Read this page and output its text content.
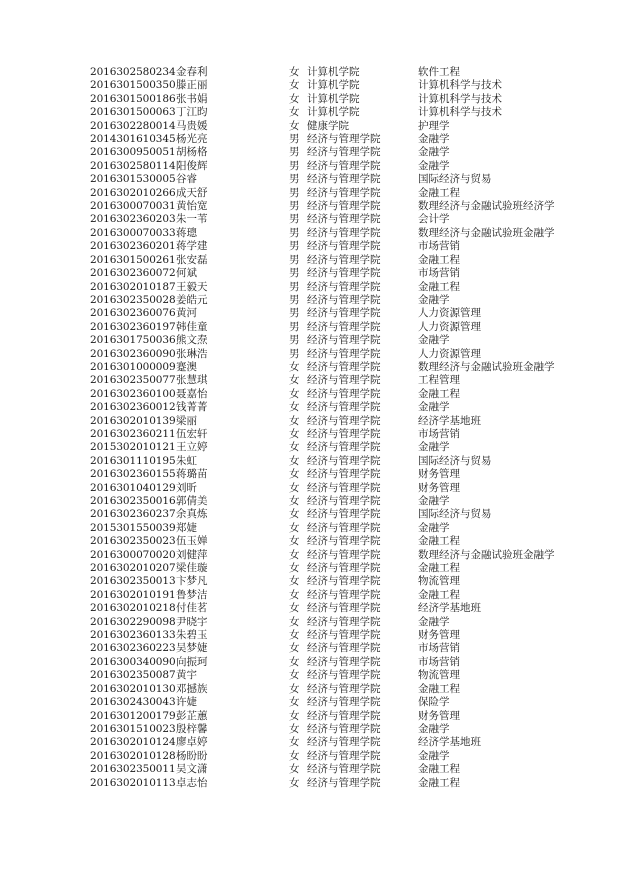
2016302580234 金春利	女 计算机学院	软件工程
2016301500350 滕正丽	女 计算机学院	计算机科学与技术
2016301500186 张书娟	女 计算机学院	计算机科学与技术
2016301500063 丁江昀	女 计算机学院	计算机科学与技术
2016302280014 马贵媛	女 健康学院	护理学
2014301610345 杨光亮	男 经济与管理学院	金融学
2016300950051 胡杨格	男 经济与管理学院	金融学
2016302580114 阳俊辉	男 经济与管理学院	金融学
2016301530005 谷睿	男 经济与管理学院	国际经济与贸易
2016302010266 成天舒	男 经济与管理学院	金融工程
2016300070031 黄怡宽	男 经济与管理学院	数理经济与金融试验班经济学
2016302360203 朱一苇	男 经济与管理学院	会计学
2016300070033 蒋璁	男 经济与管理学院	数理经济与金融试验班金融学
2016302360201 蒋学建	男 经济与管理学院	市场营销
2016301500261 张安磊	男 经济与管理学院	金融工程
2016302360072 何斌	男 经济与管理学院	市场营销
2016302010187 王毅天	男 经济与管理学院	金融工程
2016302350028 姜皓元	男 经济与管理学院	金融学
2016302360076 黄河	男 经济与管理学院	人力资源管理
2016302360197 韩佳童	男 经济与管理学院	人力资源管理
2016301750036 熊文焘	男 经济与管理学院	金融学
2016302360090 张琳浩	男 经济与管理学院	人力资源管理
2016301000009 蹇澳	女 经济与管理学院	数理经济与金融试验班金融学
2016302350077 张慧琪	女 经济与管理学院	工程管理
2016302360100 聂嘉怡	女 经济与管理学院	金融工程
2016302360012 钱菁菁	女 经济与管理学院	金融学
2016302010139 梁丽	女 经济与管理学院	经济学基地班
2016302360211 伍宏轩	女 经济与管理学院	市场营销
2015302010121 王立婷	女 经济与管理学院	金融学
2016301110195 朱虹	女 经济与管理学院	国际经济与贸易
2016302360155 蒋璐苗	女 经济与管理学院	财务管理
2016301040129 刘昕	女 经济与管理学院	财务管理
2016302350016 郭倩美	女 经济与管理学院	金融学
2016302360237 余真炼	女 经济与管理学院	国际经济与贸易
2015301550039 郑婕	女 经济与管理学院	金融学
2016302350023 伍玉婵	女 经济与管理学院	金融工程
2016300070020 刘健萍	女 经济与管理学院	数理经济与金融试验班金融学
2016302010207 梁佳璇	女 经济与管理学院	金融工程
2016302350013 卞梦凡	女 经济与管理学院	物流管理
2016302010191 鲁梦洁	女 经济与管理学院	金融工程
2016302010218 付佳茗	女 经济与管理学院	经济学基地班
2016302290098 尹晓宇	女 经济与管理学院	金融学
2016302360133 朱碧玉	女 经济与管理学院	财务管理
2016302360223 吴梦婕	女 经济与管理学院	市场营销
2016300340090 向振珂	女 经济与管理学院	市场营销
2016302350087 黄宇	女 经济与管理学院	物流管理
2016302010130 邓撼族	女 经济与管理学院	金融工程
2016302430043 许婕	女 经济与管理学院	保险学
2016301200179 彭芷蕙	女 经济与管理学院	财务管理
2016301510023 殷梓馨	女 经济与管理学院	金融学
2016302010124 廖卓婷	女 经济与管理学院	经济学基地班
2016302010128 杨盼盼	女 经济与管理学院	金融学
2016302350011 吴文潇	女 经济与管理学院	金融工程
2016302010113 卓志怡	女 经济与管理学院	金融工程
